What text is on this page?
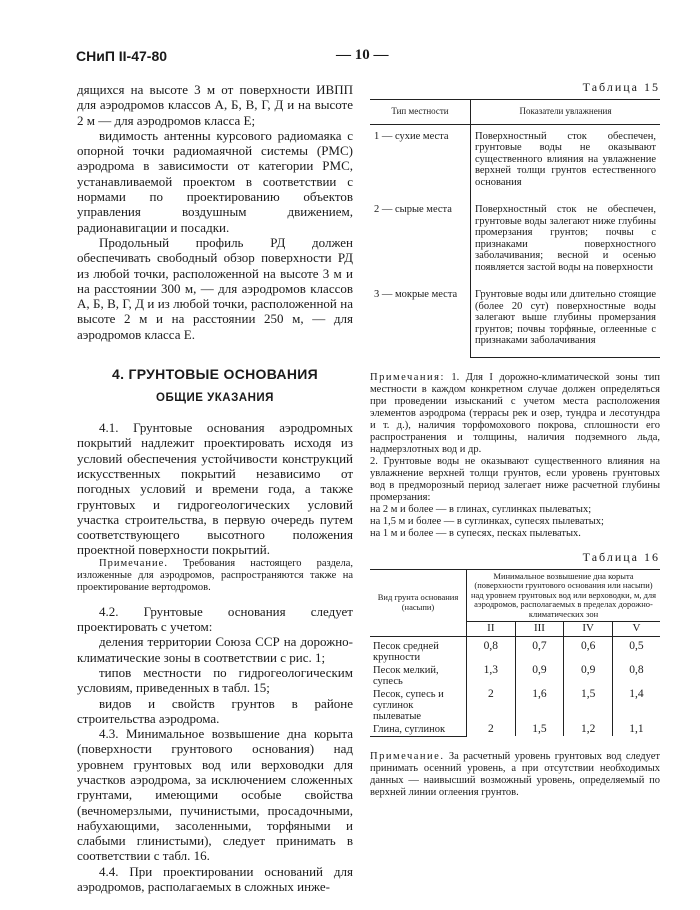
СНиП II-47-80	— 10 —

дящихся на высоте 3 м от поверхности ИВПП для аэродромов классов А, Б, В, Г, Д и на высоте 2 м — для аэродромов класса Е;

видимость антенны курсового радиомаяка с опорной точки радиомаячной системы (РМС) аэродрома в зависимости от категории РМС, устанавливаемой проектом в соответствии с нормами по проектированию объектов управления воздушным движением, радионавигации и посадки.

Продольный профиль РД должен обеспечивать свободный обзор поверхности РД из любой точки, расположенной на высоте 3 м и на расстоянии 300 м, — для аэродромов классов А, Б, В, Г, Д и из любой точки, расположенной на высоте 2 м и на расстоянии 250 м, — для аэродромов класса Е.

4. ГРУНТОВЫЕ ОСНОВАНИЯ
ОБЩИЕ УКАЗАНИЯ

4.1. Грунтовые основания аэродромных покрытий надлежит проектировать исходя из условий обеспечения устойчивости конструкций искусственных покрытий независимо от погодных условий и времени года, а также грунтовых и гидрогеологических условий участка строительства, в первую очередь путем соответствующего высотного положения проектной поверхности покрытий.

Примечание. Требования настоящего раздела, изложенные для аэродромов, распространяются также на проектирование вертодромов.

4.2. Грунтовые основания следует проектировать с учетом:

деления территории Союза ССР на дорожно-климатические зоны в соответствии с рис. 1;

типов местности по гидрогеологическим условиям, приведенных в табл. 15;

видов и свойств грунтов в районе строительства аэродрома.

4.3. Минимальное возвышение дна корыта (поверхности грунтового основания) над уровнем грунтовых вод или верховодки для участков аэродрома, за исключением сложенных грунтами, имеющими особые свойства (вечномерзлыми, пучинистыми, просадочными, набухающими, засоленными, торфяными и слабыми глинистыми), следует принимать в соответствии с табл. 16.

4.4. При проектировании оснований для аэродромов, располагаемых в сложных инже-

Таблица 15
Тип местности	Показатели увлажнения
1 — сухие места	Поверхностный сток обеспечен, грунтовые воды не оказывают существенного влияния на увлажнение верхней толщи грунтов естественного основания
2 — сырые места	Поверхностный сток не обеспечен, грунтовые воды залегают ниже глубины промерзания грунтов; почвы с признаками поверхностного заболачивания; весной и осенью появляется застой воды на поверхности
3 — мокрые места	Грунтовые воды или длительно стоящие (более 20 сут) поверхностные воды залегают выше глубины промерзания грунтов; почвы торфяные, оглеенные с признаками заболачивания

Примечания: 1. Для I дорожно-климатической зоны тип местности в каждом конкретном случае должен определяться при проведении изысканий с учетом места расположения элементов аэродрома (террасы рек и озер, тундра и лесотундра и т. д.), наличия торфомохового покрова, сплошности его распространения и толщины, наличия подземного льда, надмерзлотных вод и др.

2. Грунтовые воды не оказывают существенного влияния на увлажнение верхней толщи грунтов, если уровень грунтовых вод в предморозный период залегает ниже расчетной глубины промерзания:

на 2 м и более — в глинах, суглинках пылеватых;

на 1,5 м и более — в суглинках, супесях пылеватых;

на 1 м и более — в супесях, песках пылеватых.

Таблица 16
Вид грунта основания (насыпи)	Минимальное возвышение дна корыта (поверхности грунтового основания или насыпи) над уровнем грунтовых вод или верховодки, м, для аэродромов, располагаемых в пределах дорожно-климатических зон			
	II	III	IV	V
Песок средней крупности	0,8	0,7	0,6	0,5
Песок мелкий, супесь	1,3	0,9	0,9	0,8
Песок, супесь и суглинок пылеватые	2	1,6	1,5	1,4
Глина, суглинок	2	1,5	1,2	1,1

Примечание. За расчетный уровень грунтовых вод следует принимать осенний уровень, а при отсутствии необходимых данных — наивысший возможный уровень, определяемый по верхней линии оглеения грунтов.
